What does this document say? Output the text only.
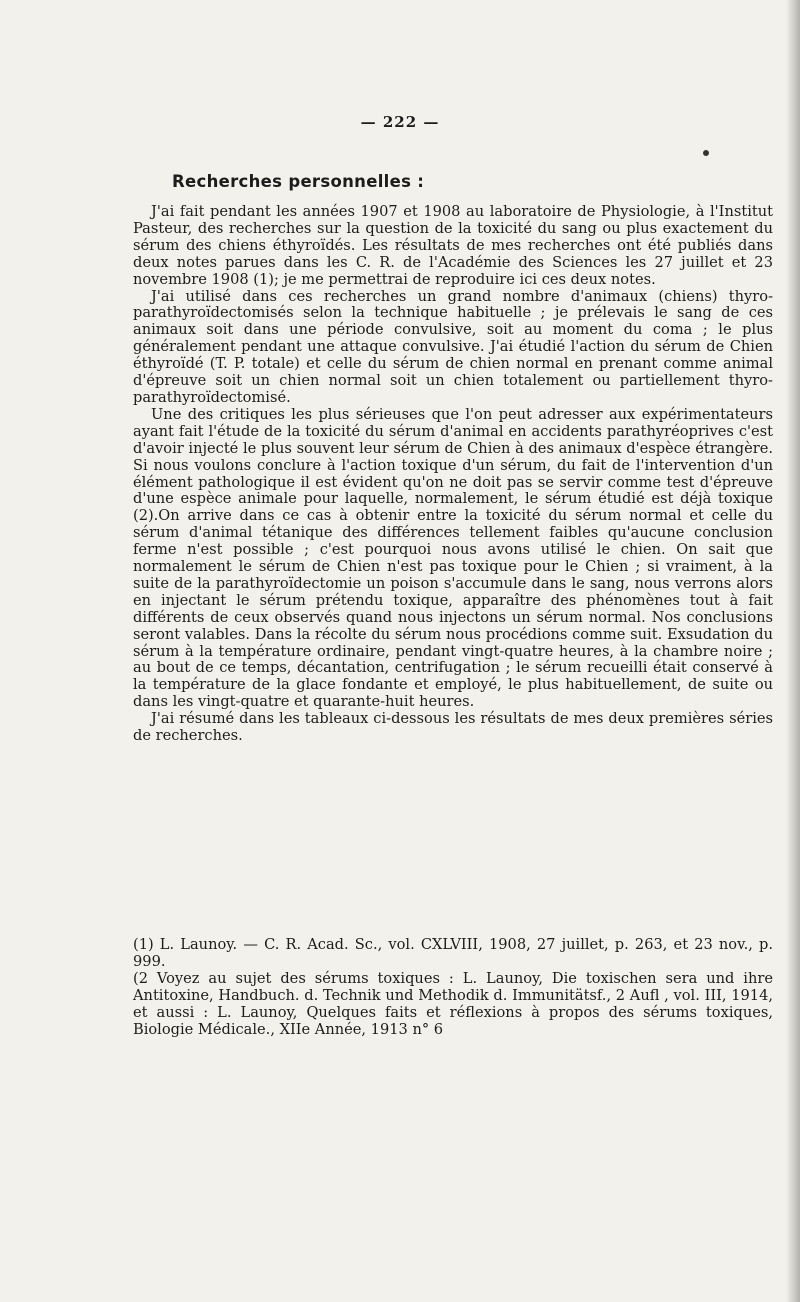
— 222 —
Recherches personnelles :

J'ai fait pendant les années 1907 et 1908 au laboratoire de Physiologie, à l'Institut Pasteur, des recherches sur la question de la toxicité du sang ou plus exactement du sérum des chiens éthyroïdés. Les résultats de mes recherches ont été publiés dans deux notes parues dans les C. R. de l'Académie des Sciences les 27 juillet et 23 novembre 1908 (1); je me permettrai de reproduire ici ces deux notes.

J'ai utilisé dans ces recherches un grand nombre d'animaux (chiens) thyro-parathyroïdectomisés selon la technique habituelle ; je prélevais le sang de ces animaux soit dans une période convulsive, soit au moment du coma ; le plus généralement pendant une attaque convulsive. J'ai étudié l'action du sérum de Chien éthyroïdé (T. P. totale) et celle du sérum de chien normal en prenant comme animal d'épreuve soit un chien normal soit un chien totalement ou partiellement thyro-parathyroïdectomisé.

Une des critiques les plus sérieuses que l'on peut adresser aux expérimentateurs ayant fait l'étude de la toxicité du sérum d'animal en accidents parathyréoprives c'est d'avoir injecté le plus souvent leur sérum de Chien à des animaux d'espèce étrangère. Si nous voulons conclure à l'action toxique d'un sérum, du fait de l'intervention d'un élément pathologique il est évident qu'on ne doit pas se servir comme test d'épreuve d'une espèce animale pour laquelle, normalement, le sérum étudié est déjà toxique (2).On arrive dans ce cas à obtenir entre la toxicité du sérum normal et celle du sérum d'animal tétanique des différences tellement faibles qu'aucune conclusion ferme n'est possible ; c'est pourquoi nous avons utilisé le chien. On sait que normalement le sérum de Chien n'est pas toxique pour le Chien ; si vraiment, à la suite de la parathyroïdectomie un poison s'accumule dans le sang, nous verrons alors en injectant le sérum prétendu toxique, apparaître des phénomènes tout à fait différents de ceux observés quand nous injectons un sérum normal. Nos conclusions seront valables. Dans la récolte du sérum nous procédions comme suit. Exsudation du sérum à la température ordinaire, pendant vingt-quatre heures, à la chambre noire ; au bout de ce temps, décantation, centrifugation ; le sérum recueilli était conservé à la température de la glace fondante et employé, le plus habituellement, de suite ou dans les vingt-quatre et quarante-huit heures.

J'ai résumé dans les tableaux ci-dessous les résultats de mes deux premières séries de recherches.

(1) L. Launoy. — C. R. Acad. Sc., vol. CXLVIII, 1908, 27 juillet, p. 263, et 23 nov., p. 999.

(2 Voyez au sujet des sérums toxiques : L. Launoy, Die toxischen sera und ihre Antitoxine, Handbuch. d. Technik und Methodik d. Immunitätsf., 2 Aufl , vol. III, 1914, et aussi : L. Launoy, Quelques faits et réflexions à propos des sérums toxiques, Biologie Médicale., XIIe Année, 1913 n° 6
